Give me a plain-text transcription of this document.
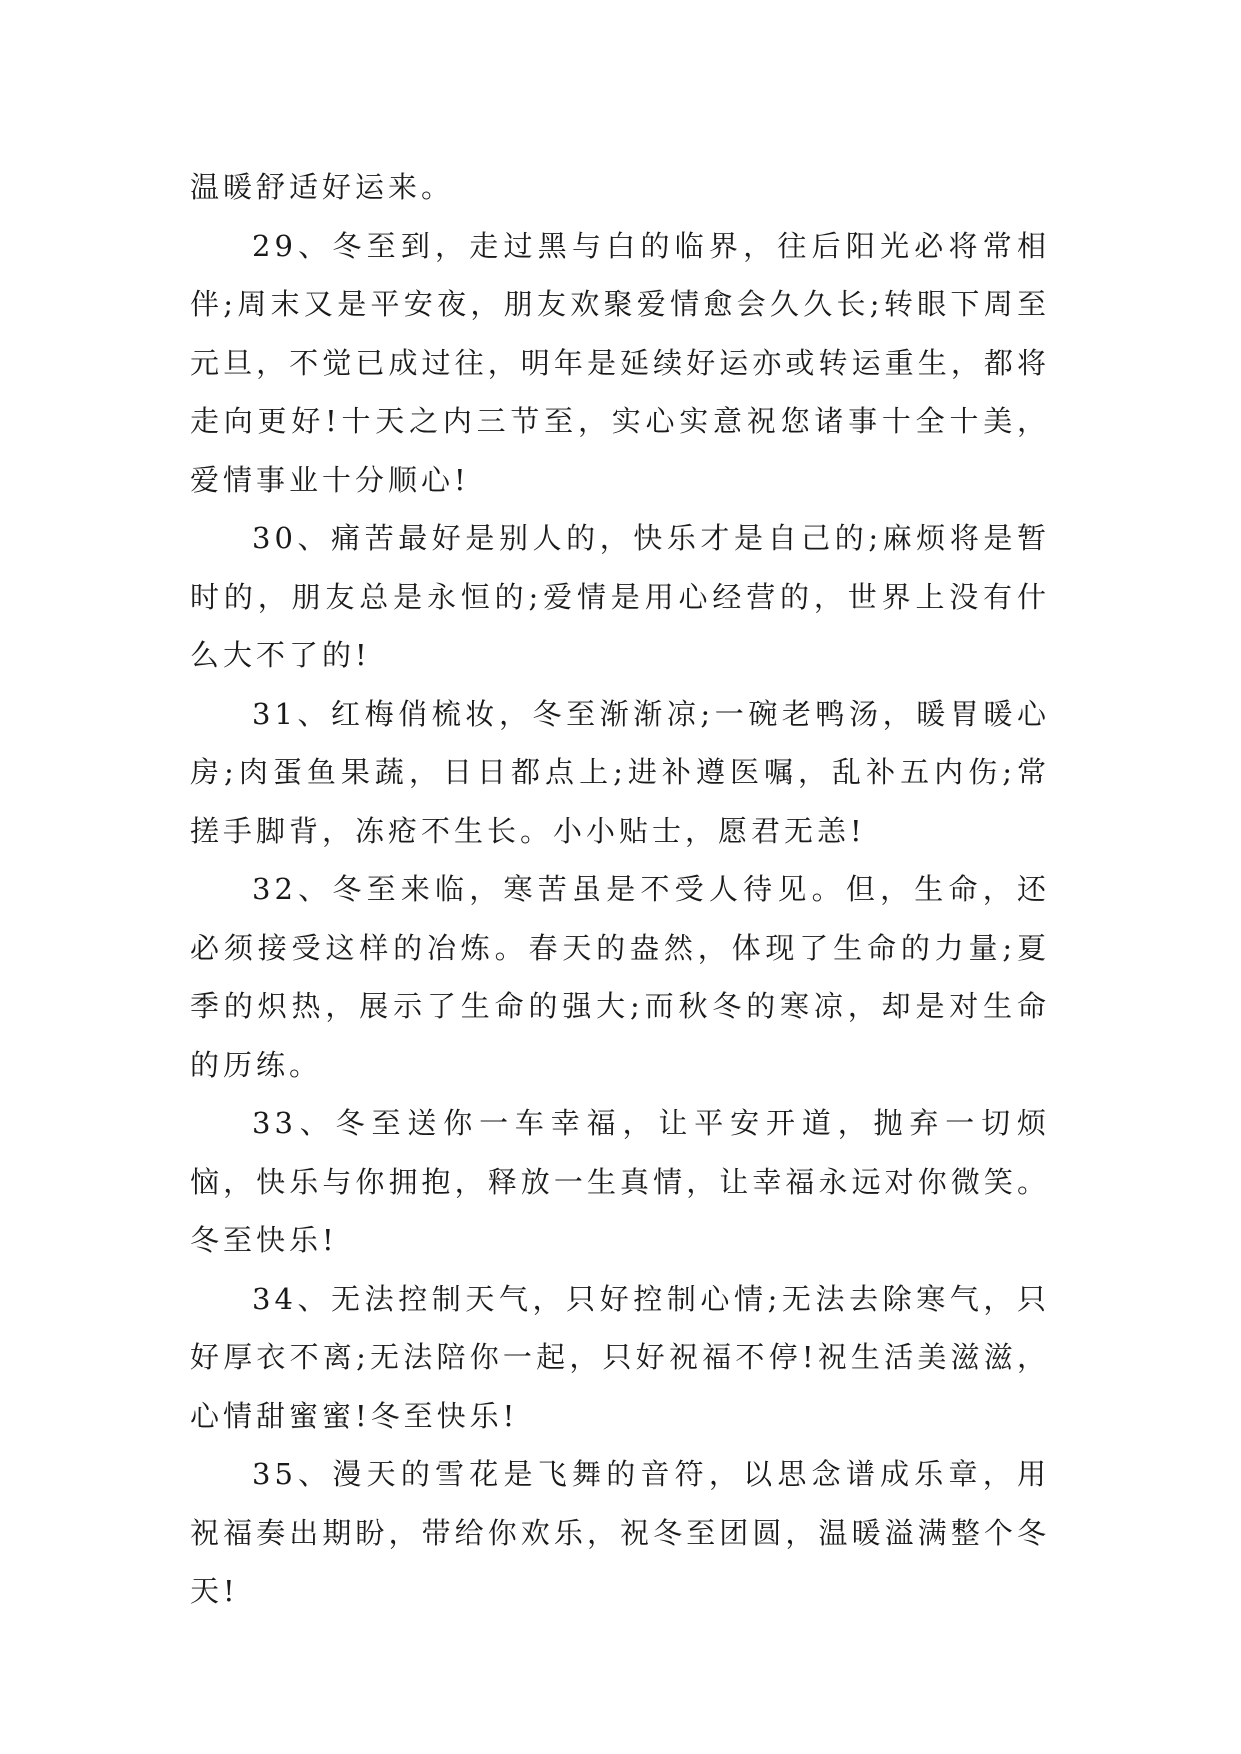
温暖舒适好运来。

29、冬至到，走过黑与白的临界，往后阳光必将常相伴;周末又是平安夜，朋友欢聚爱情愈会久久长;转眼下周至元旦，不觉已成过往，明年是延续好运亦或转运重生，都将走向更好!十天之内三节至，实心实意祝您诸事十全十美，爱情事业十分顺心!

30、痛苦最好是别人的，快乐才是自己的;麻烦将是暂时的，朋友总是永恒的;爱情是用心经营的，世界上没有什么大不了的!

31、红梅俏梳妆，冬至渐渐凉;一碗老鸭汤，暖胃暖心房;肉蛋鱼果蔬，日日都点上;进补遵医嘱，乱补五内伤;常搓手脚背，冻疮不生长。小小贴士，愿君无恙!

32、冬至来临，寒苦虽是不受人待见。但，生命，还必须接受这样的冶炼。春天的盎然，体现了生命的力量;夏季的炽热，展示了生命的强大;而秋冬的寒凉，却是对生命的历练。

33、冬至送你一车幸福，让平安开道，抛弃一切烦恼，快乐与你拥抱，释放一生真情，让幸福永远对你微笑。冬至快乐!

34、无法控制天气，只好控制心情;无法去除寒气，只好厚衣不离;无法陪你一起，只好祝福不停!祝生活美滋滋，心情甜蜜蜜!冬至快乐!

35、漫天的雪花是飞舞的音符，以思念谱成乐章，用祝福奏出期盼，带给你欢乐，祝冬至团圆，温暖溢满整个冬天!
